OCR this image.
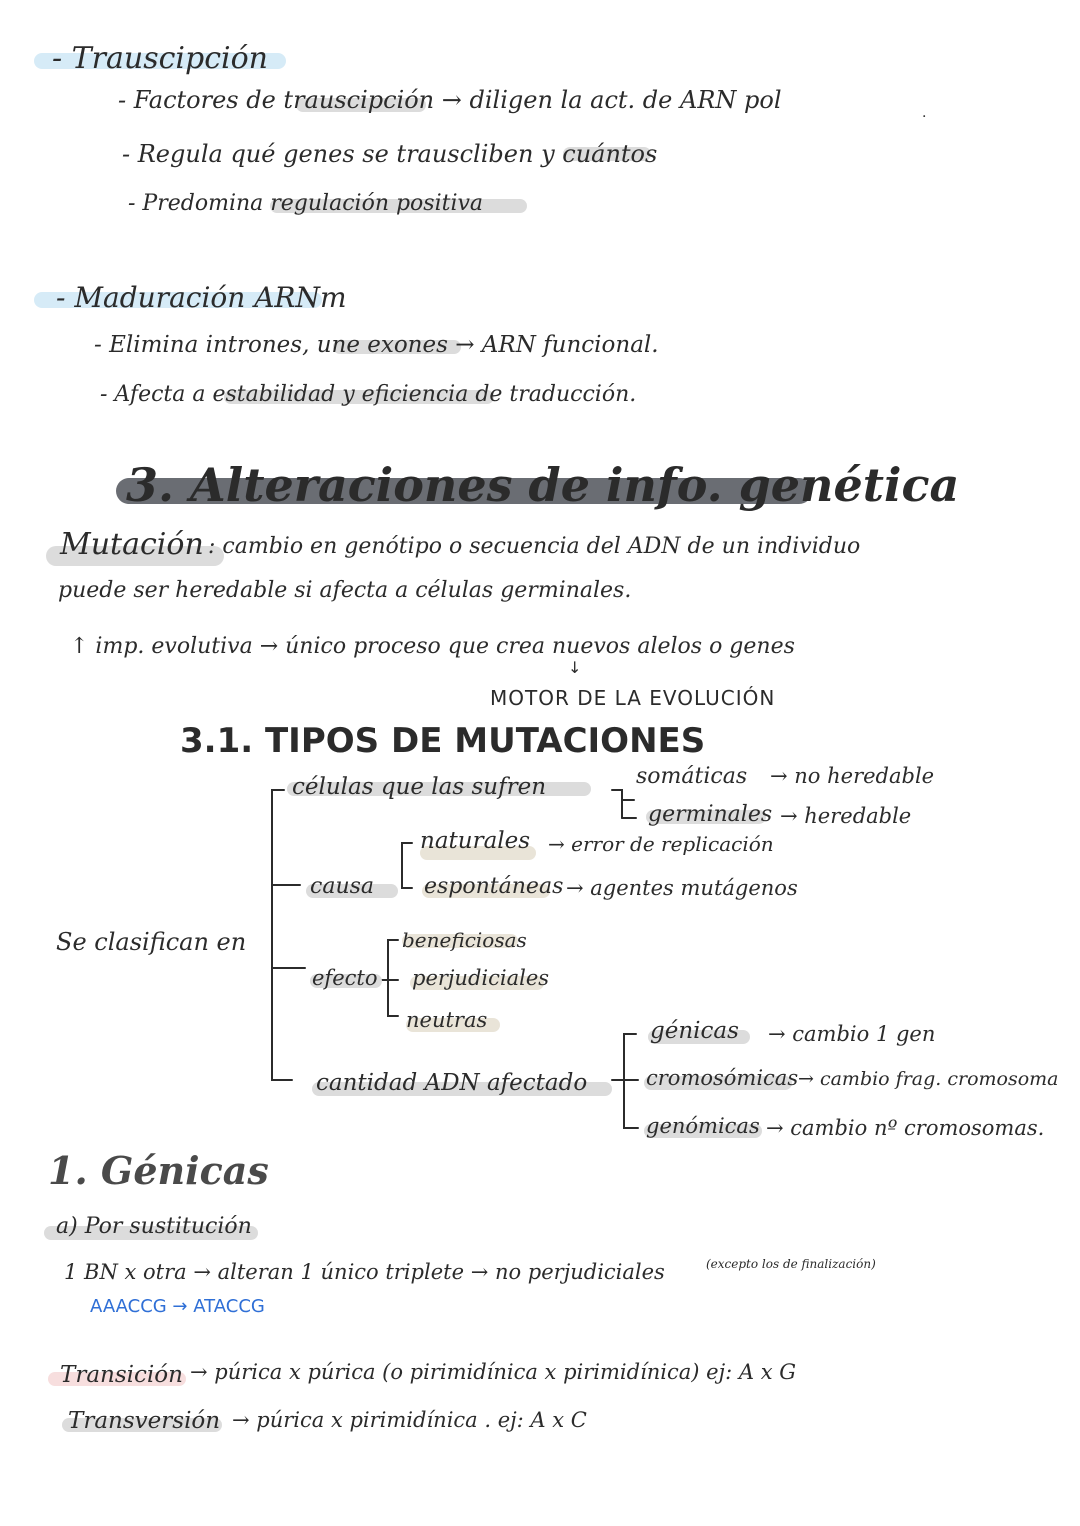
- Trauscipción
- Factores de trauscipción → diligen la act. de ARN pol
·
- Regula qué genes se trauscliben y cuántos
- Predomina regulación positiva
- Maduración ARNm
- Elimina intrones, une exones → ARN funcional.
- Afecta a estabilidad y eficiencia de traducción.
3. Alteraciones de info. genética
Mutación : cambio en genótipo o secuencia del ADN de un individuo
puede ser heredable si afecta a células germinales.
↑ imp. evolutiva → único proceso que crea nuevos alelos o genes
↓
MOTOR DE LA EVOLUCIÓN
3.1. TIPOS DE MUTACIONES
Se clasifican en
células que las sufren	somáticas → no heredable
germinales → heredable
naturales → error de replicación
causa espontáneas → agentes mutágenos
beneficiosas
efecto perjudiciales
neutras
cantidad ADN afectado
génicas → cambio 1 gen
cromosómicas → cambio frag. cromosoma
genómicas → cambio nº cromosomas.
1. Génicas
a) Por sustitución
1 BN x otra → alteran 1 único triplete → no perjudiciales	(excepto los de finalización)
AAACCG → ATACCG
Transición → púrica x púrica (o pirimidínica x pirimidínica) ej: A x G
Transversión → púrica x pirimidínica . ej: A x C
